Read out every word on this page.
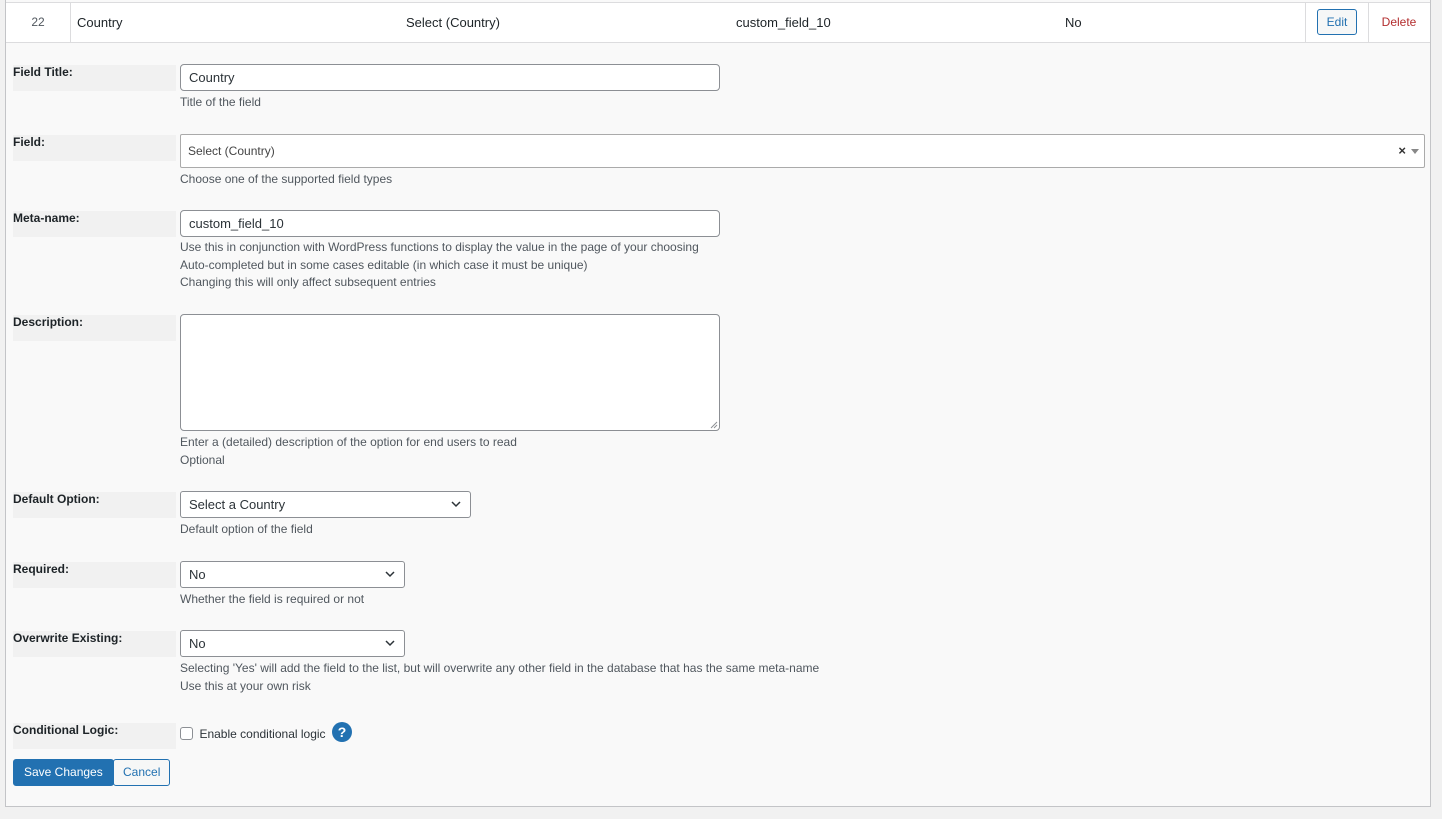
22	Country	Select (Country)	custom_field_10	No	Edit	Delete
Field Title:	Country
Title of the field
Field:
Select (Country)	×
Choose one of the supported field types
Meta-name:	custom_field_10
Use this in conjunction with WordPress functions to display the value in the page of your choosing
Auto-completed but in some cases editable (in which case it must be unique)
Changing this will only affect subsequent entries
Description:
Enter a (detailed) description of the option for end users to read
Optional
Default Option:	Select a Country
Default option of the field
Required:	No
Whether the field is required or not
Overwrite Existing:	No
Selecting 'Yes' will add the field to the list, but will overwrite any other field in the database that has the same meta-name
Use this at your own risk
Conditional Logic:	Enable conditional logic ?
Save Changes	Cancel
